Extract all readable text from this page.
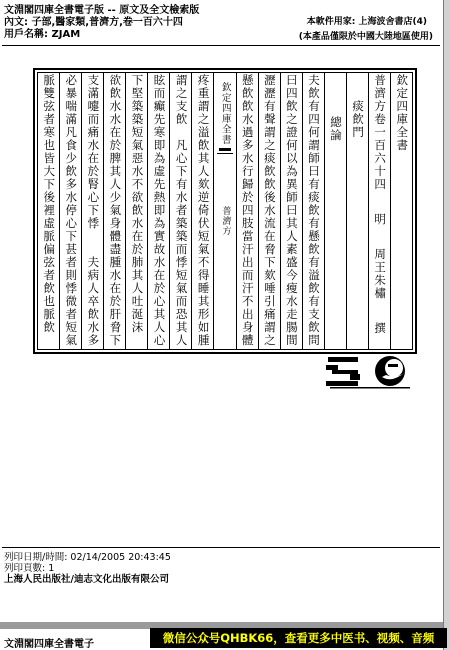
文淵閣四庫全書電子版 -- 原文及全文檢索版
內文: 子部,醫家類,普濟方,卷一百六十四
用戶名稱: ZJAM
本軟件用家: 上海波舍書店(4)
(本產品僅限於中國大陸地區使用)
欽定四庫全書
普濟方卷一百六十四
明
周王朱橚
撰
痰飲門
總論
夫飲有四何謂師曰有痰飲有懸飲有溢飲有支飲問
曰四飲之證何以為異師曰其人素盛今瘦水走腸間
瀝瀝有聲謂之痰飲飲後水流在脅下欬唾引痛謂之
懸飲飲水過多水行歸於四肢當汗出而汗不出身體
欽定四庫全書
普濟方
疼重謂之溢飲其人欬逆倚伏短氣不得睡其形如腫
謂之支飲
凡心下有水者築築而悸短氣而恐其人
眩而癲先寒即為虛先熱即為實故水在於心其人心
下堅築築短氣惡水不欲飲水在於肺其人吐涎沫
欲飲水水在於脾其人少氣身體盡腫水在於肝脅下
支滿嚏而痛水在於腎心下悸
夫病人卒飲水多
必暴喘滿凡食少飲多水停心下甚者則悸微者短氣
脈雙弦者寒也皆大下後裡虛脈偏弦者飲也脈飲
列印日期/時間: 02/14/2005 20:43:45
列印頁數: 1
上海人民出版社/迪志文化出版有限公司
文淵閣四庫全書電子	微信公众号QHBK66，查看更多中医书、视频、音频
